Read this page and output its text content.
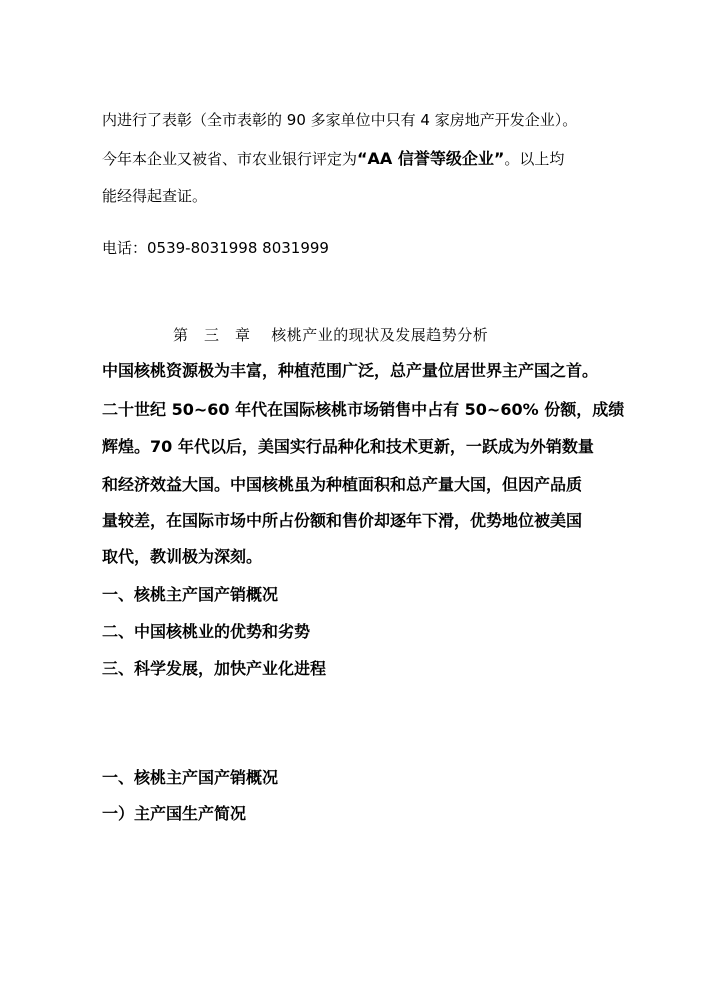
内进行了表彰（全市表彰的 90 多家单位中只有 4 家房地产开发企业）。
今年本企业又被省、市农业银行评定为“AA 信誉等级企业”。以上均
能经得起查证。
电话：0539-8031998 8031999
第　三　章　 核桃产业的现状及发展趋势分析
中国核桃资源极为丰富，种植范围广泛，总产量位居世界主产国之首。
二十世纪 50~60 年代在国际核桃市场销售中占有 50~60% 份额，成绩
辉煌。70 年代以后，美国实行品种化和技术更新，一跃成为外销数量
和经济效益大国。中国核桃虽为种植面积和总产量大国，但因产品质
量较差，在国际市场中所占份额和售价却逐年下滑，优势地位被美国
取代，教训极为深刻。
一、核桃主产国产销概况
二、中国核桃业的优势和劣势
三、科学发展，加快产业化进程
一、核桃主产国产销概况
一）主产国生产简况
